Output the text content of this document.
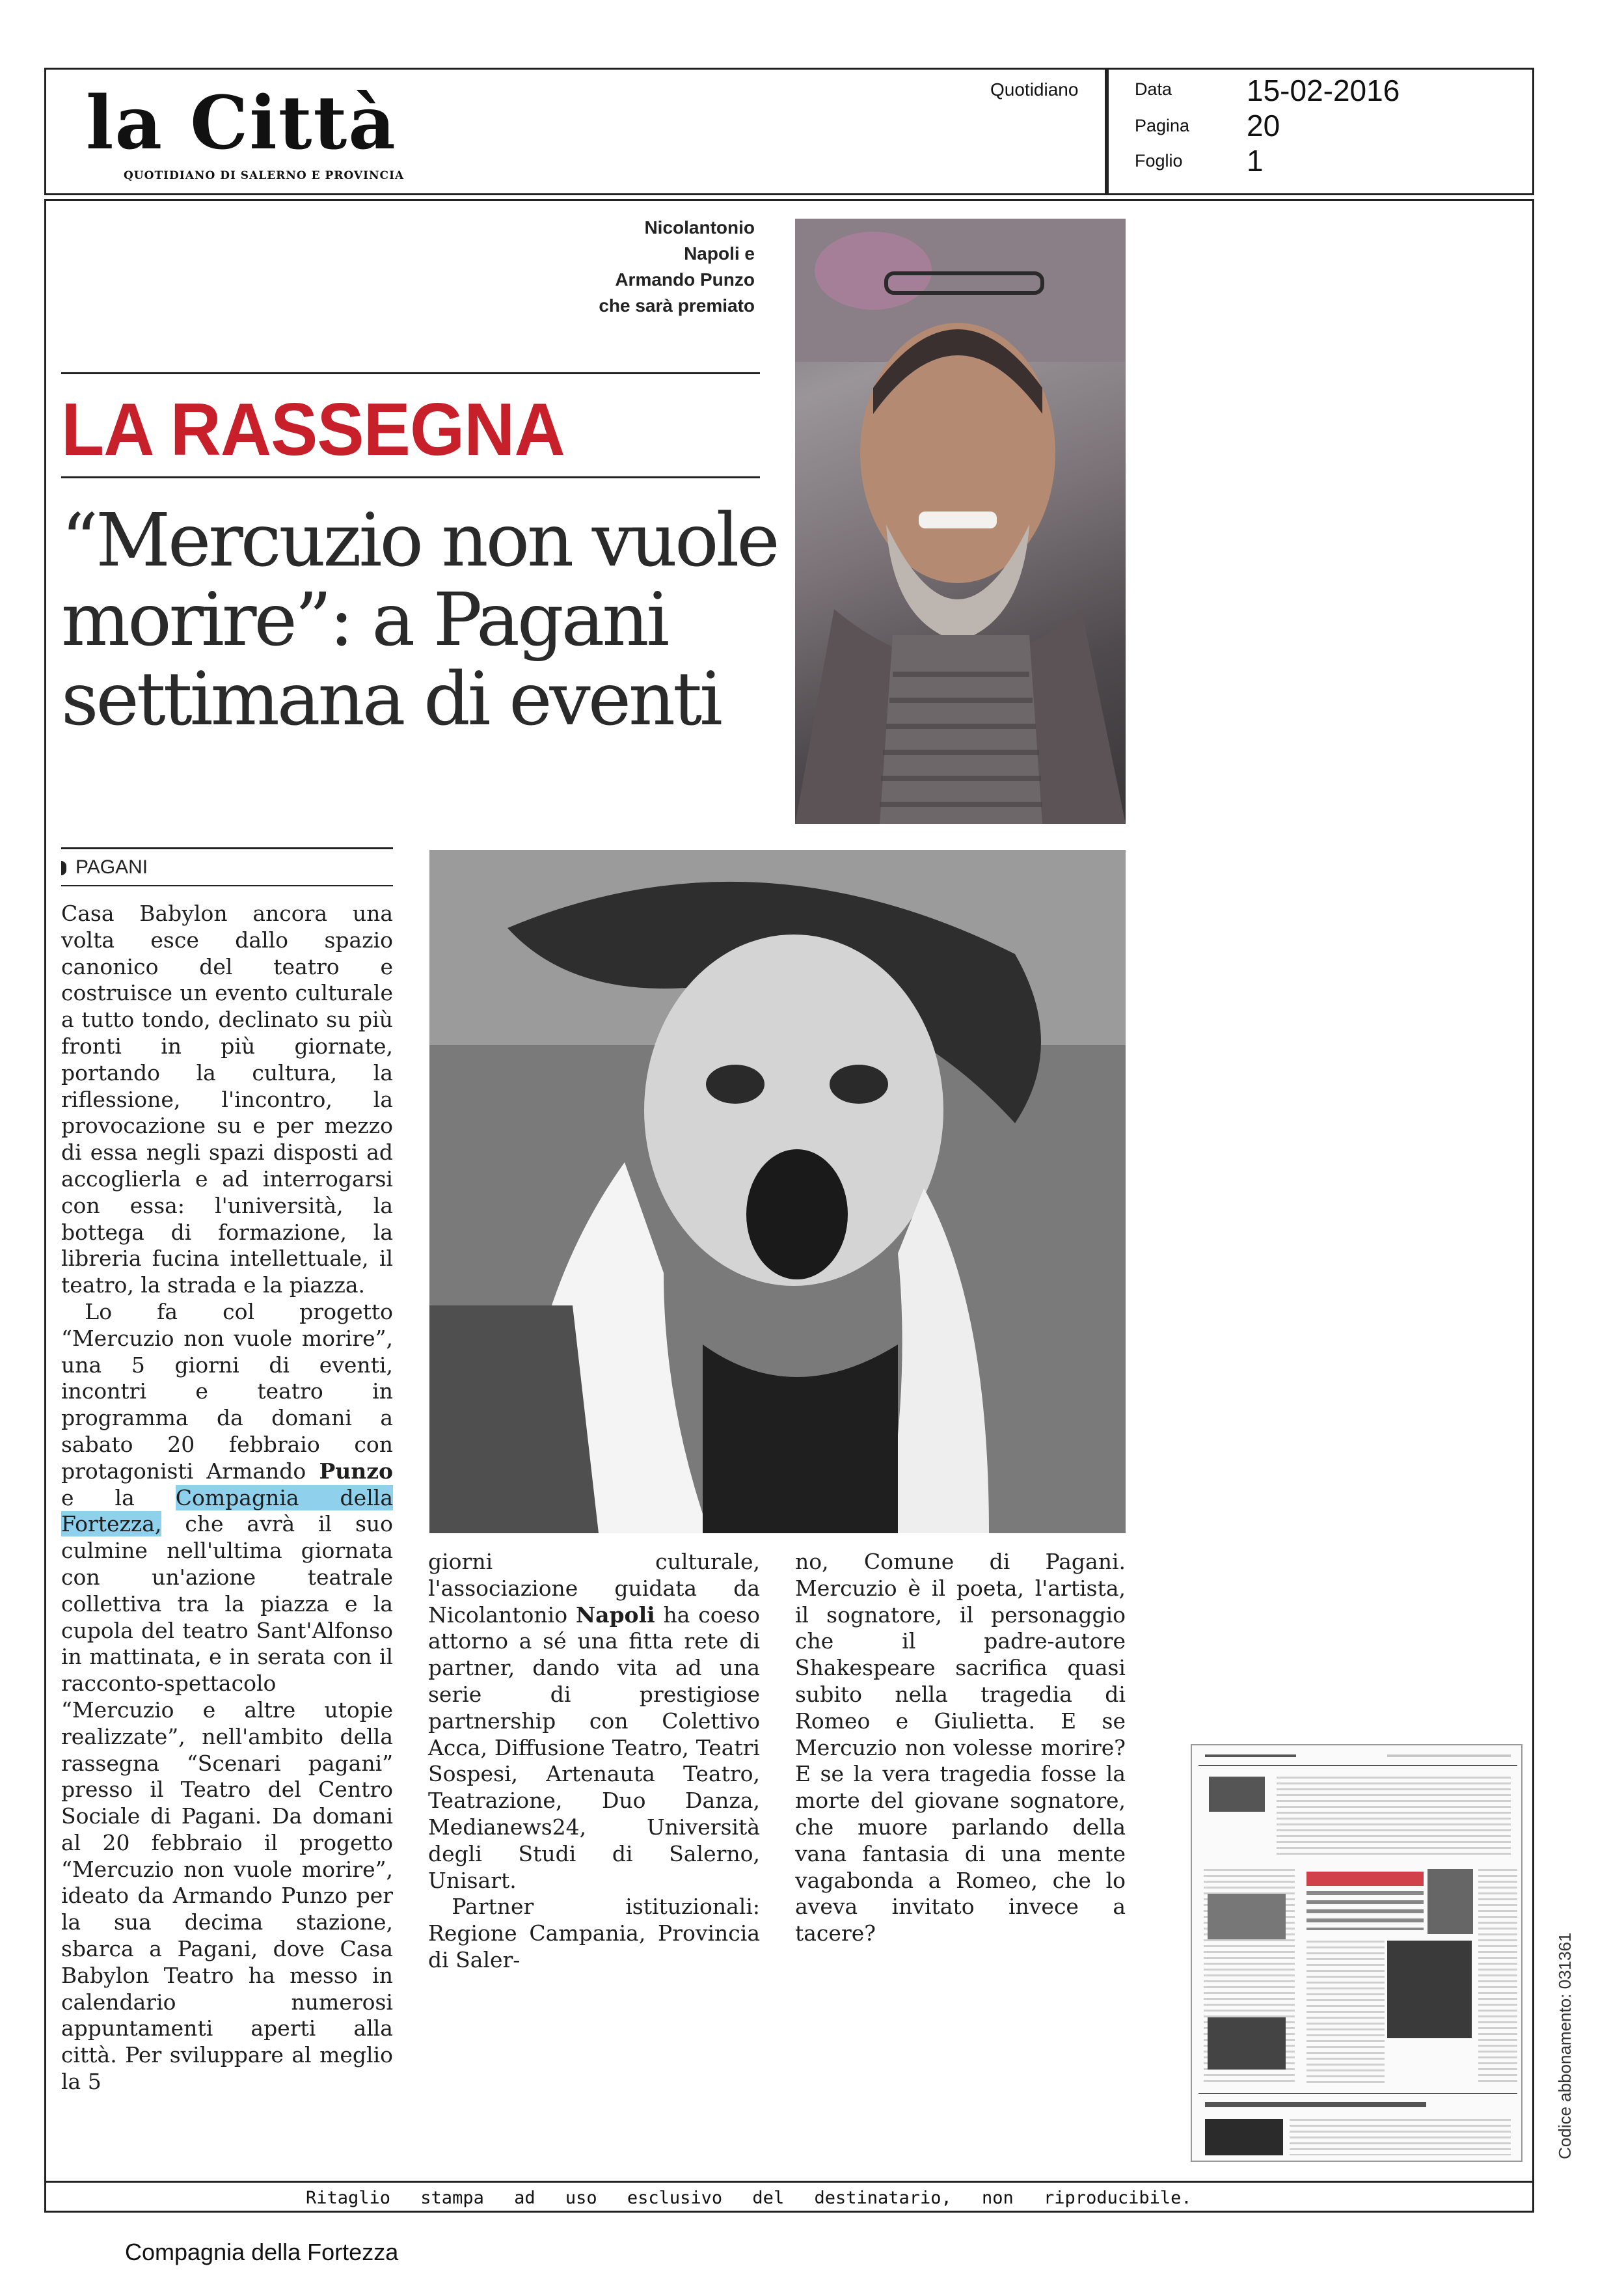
la Città
QUOTIDIANO DI SALERNO E PROVINCIA
Quotidiano	Data 15-02-2016
Pagina 20
Foglio 1
Nicolantonio
Napoli e
Armando Punzo
che sarà premiato
LA RASSEGNA
“Mercuzio non vuole
morire”: a Pagani
settimana di eventi
PAGANI

Casa Babylon ancora una volta esce dallo spazio canonico del teatro e costruisce un evento culturale a tutto tondo, declinato su più fronti in più giornate, portando la cultura, la riflessione, l'incontro, la provocazione su e per mezzo di essa negli spazi disposti ad accoglierla e ad interrogarsi con essa: l'università, la bottega di formazione, la libreria fucina intellettuale, il teatro, la strada e la piazza.

Lo fa col progetto “Mercuzio non vuole morire”, una 5 giorni di eventi, incontri e teatro in programma da domani a sabato 20 febbraio con protagonisti Armando Punzo e la Compagnia della Fortezza, che avrà il suo culmine nell'ultima giornata con un'azione teatrale collettiva tra la piazza e la cupola del teatro Sant'Alfonso in mattinata, e in serata con il racconto-spettacolo “Mercuzio e altre utopie realizzate”, nell'ambito della rassegna “Scenari pagani” presso il Teatro del Centro Sociale di Pagani. Da domani al 20 febbraio il progetto “Mercuzio non vuole morire”, ideato da Armando Punzo per la sua decima stazione, sbarca a Pagani, dove Casa Babylon Teatro ha messo in calendario numerosi appuntamenti aperti alla città. Per sviluppare al meglio la 5

giorni culturale, l'associazione guidata da Nicolantonio Napoli ha coeso attorno a sé una fitta rete di partner, dando vita ad una serie di prestigiose partnership con Colettivo Acca, Diffusione Teatro, Teatri Sospesi, Artenauta Teatro, Teatrazione, Duo Danza, Medianews24, Università degli Studi di Salerno, Unisart.

Partner istituzionali: Regione Campania, Provincia di Saler-

no, Comune di Pagani. Mercuzio è il poeta, l'artista, il sognatore, il personaggio che il padre-autore Shakespeare sacrifica quasi subito nella tragedia di Romeo e Giulietta. E se Mercuzio non volesse morire? E se la vera tragedia fosse la morte del giovane sognatore, che muore parlando della vana fantasia di una mente vagabonda a Romeo, che lo aveva invitato invece a tacere?	Codice abbonamento: 031361
Ritaglio stampa ad uso esclusivo del destinatario, non riproducibile.
Compagnia della Fortezza
